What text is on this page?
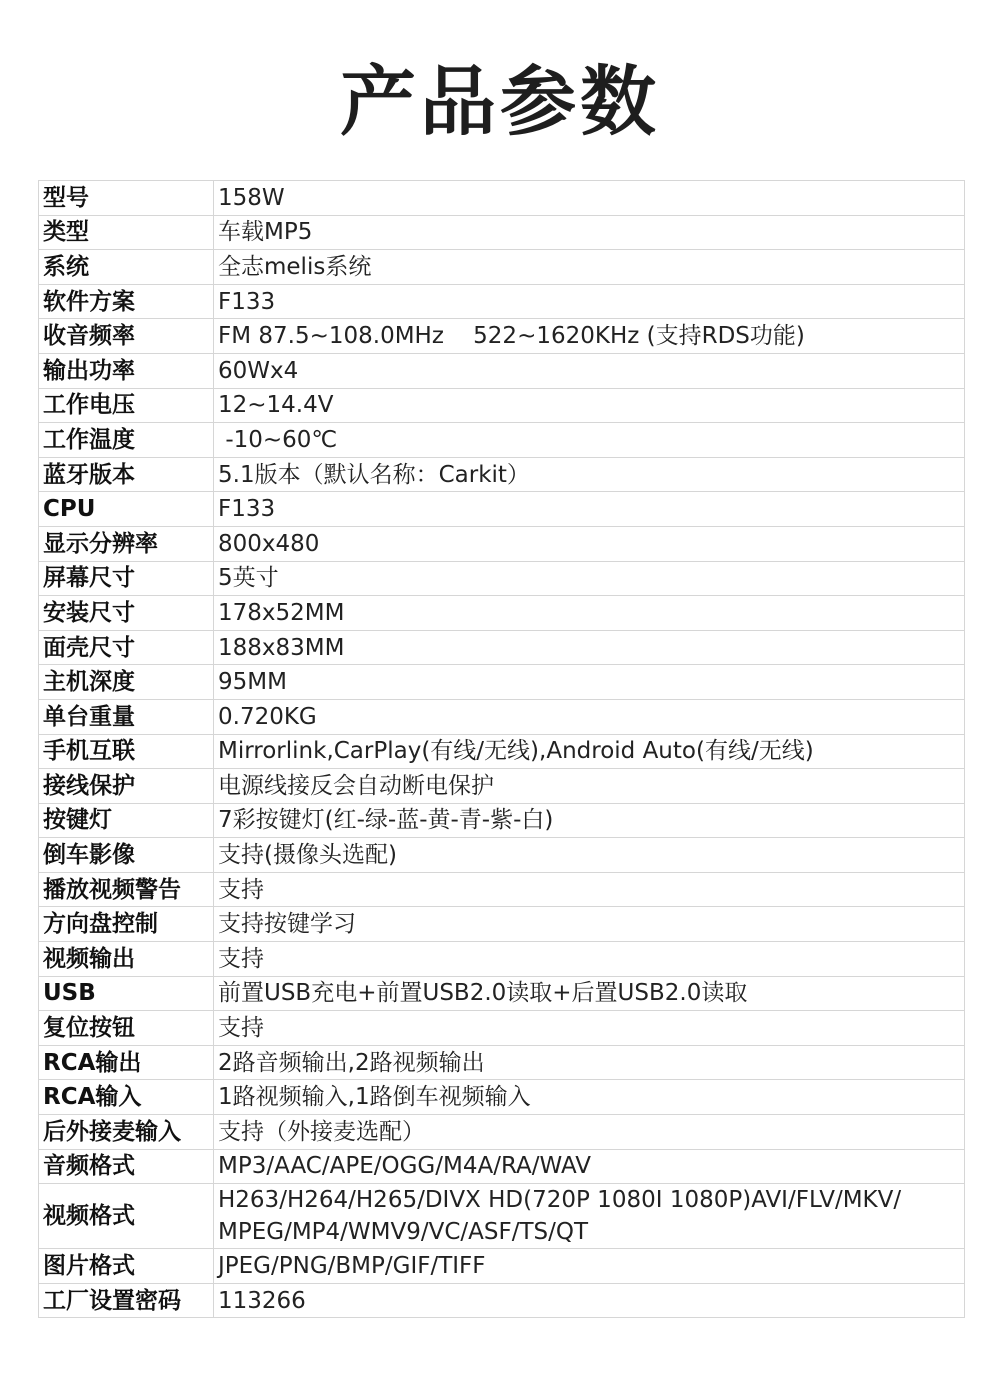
产品参数
型号	158W
类型	车载MP5
系统	全志melis系统
软件方案	F133
收音频率	FM 87.5~108.0MHz    522~1620KHz (支持RDS功能)
输出功率	60Wx4
工作电压	12~14.4V
工作温度	-10~60℃
蓝牙版本	5.1版本（默认名称：Carkit）
CPU	F133
显示分辨率	800x480
屏幕尺寸	5英寸
安装尺寸	178x52MM
面壳尺寸	188x83MM
主机深度	95MM
单台重量	0.720KG
手机互联	Mirrorlink,CarPlay(有线/无线),Android Auto(有线/无线)
接线保护	电源线接反会自动断电保护
按键灯	7彩按键灯(红-绿-蓝-黄-青-紫-白)
倒车影像	支持(摄像头选配)
播放视频警告	支持
方向盘控制	支持按键学习
视频输出	支持
USB	前置USB充电+前置USB2.0读取+后置USB2.0读取
复位按钮	支持
RCA输出	2路音频输出,2路视频输出
RCA输入	1路视频输入,1路倒车视频输入
后外接麦输入	支持（外接麦选配）
音频格式	MP3/AAC/APE/OGG/M4A/RA/WAV
视频格式	H263/H264/H265/DIVX HD(720P 1080I 1080P)AVI/FLV/MKV/
MPEG/MP4/WMV9/VC/ASF/TS/QT
图片格式	JPEG/PNG/BMP/GIF/TIFF
工厂设置密码	113266
